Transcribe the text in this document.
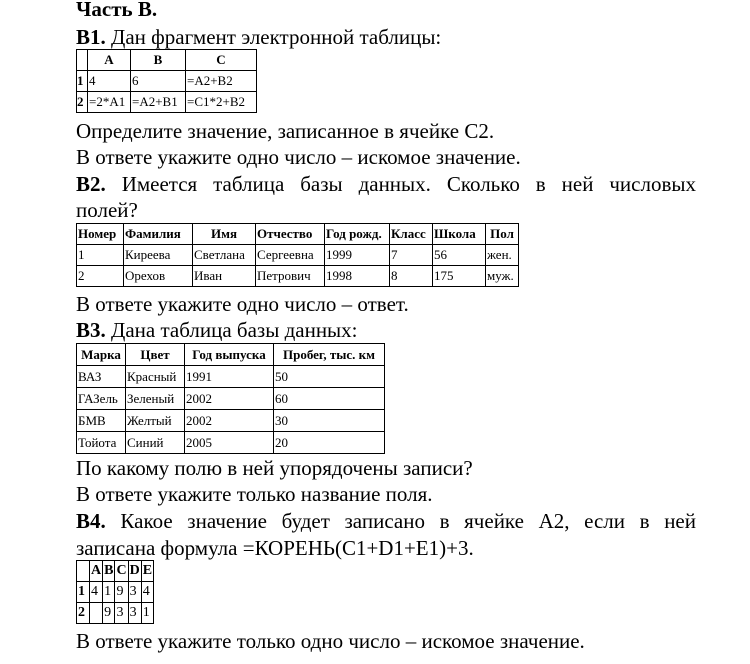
Часть В.
В1. Дан фрагмент электронной таблицы:
	A	B	C
1	4	6	=A2+B2
2	=2*A1	=A2+B1	=C1*2+B2
Определите значение, записанное в ячейке C2.
В ответе укажите одно число – искомое значение.
В2. Имеется таблица базы данных. Сколько в ней числовых
полей?
Номер	Фамилия	Имя	Отчество	Год рожд.	Класс	Школа	Пол
1	Киреева	Светлана	Сергеевна	1999	7	56	жен.
2	Орехов	Иван	Петрович	1998	8	175	муж.
В ответе укажите одно число – ответ.
В3. Дана таблица базы данных:
Марка	Цвет	Год выпуска	Пробег, тыс. км
ВАЗ	Красный	1991	50
ГАЗель	Зеленый	2002	60
БМВ	Желтый	2002	30
Тойота	Синий	2005	20
По какому полю в ней упорядочены записи?
В ответе укажите только название поля.
В4. Какое значение будет записано в ячейке А2, если в ней
записана формула =КОРЕНЬ(C1+D1+E1)+3.
	A	B	C	D	E
1	4	1	9	3	4
2		9	3	3	1
В ответе укажите только одно число – искомое значение.
